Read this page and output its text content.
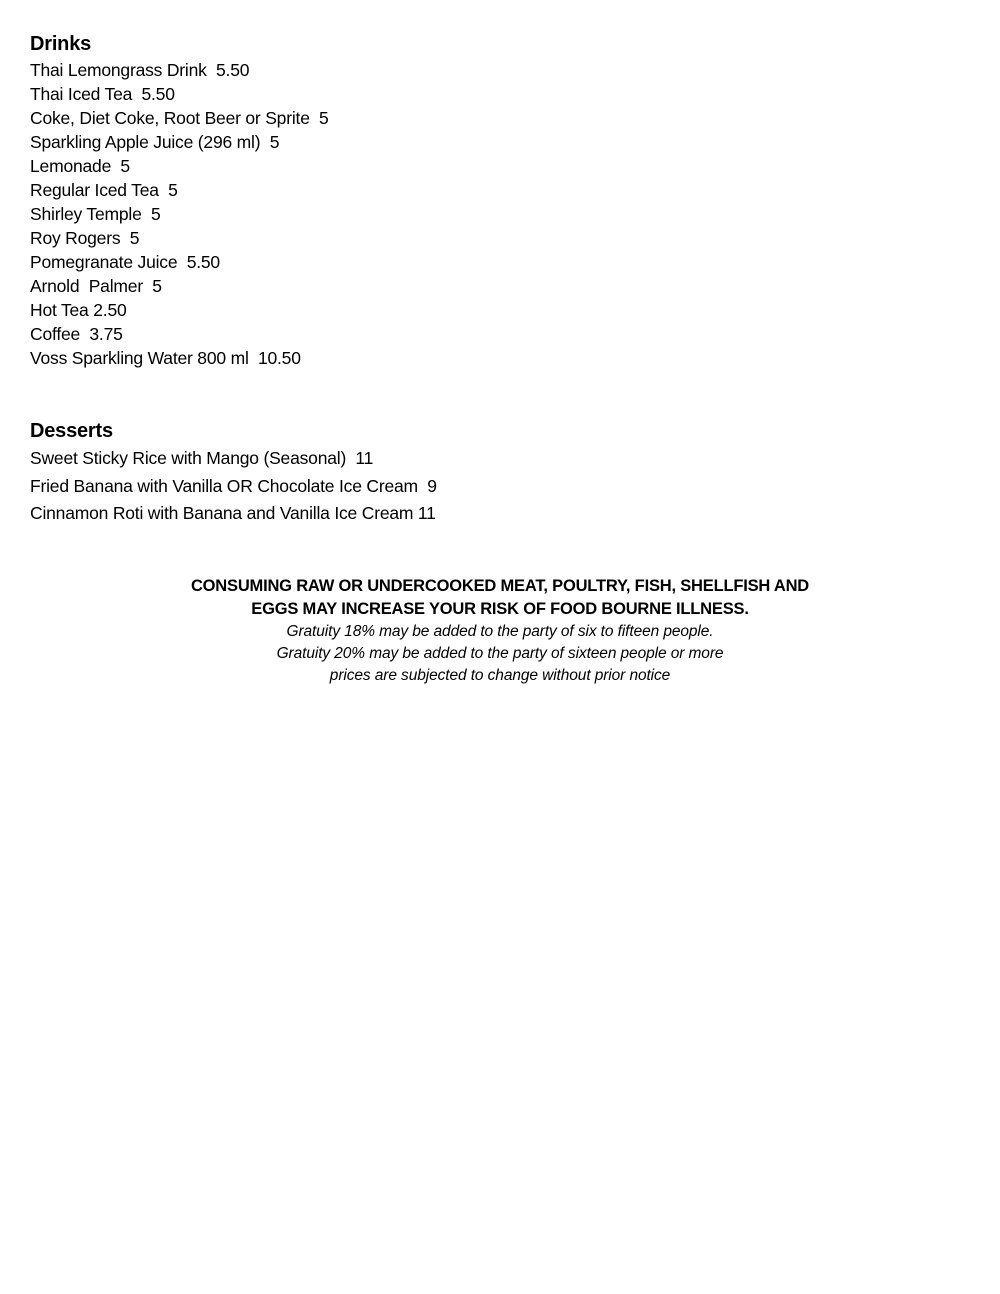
Drinks
Thai Lemongrass Drink  5.50
Thai Iced Tea  5.50
Coke, Diet Coke, Root Beer or Sprite  5
Sparkling Apple Juice (296 ml)  5
Lemonade  5
Regular Iced Tea  5
Shirley Temple  5
Roy Rogers  5
Pomegranate Juice  5.50
Arnold  Palmer  5
Hot Tea 2.50
Coffee  3.75
Voss Sparkling Water 800 ml  10.50
Desserts
Sweet Sticky Rice with Mango (Seasonal)  11
Fried Banana with Vanilla OR Chocolate Ice Cream  9
Cinnamon Roti with Banana and Vanilla Ice Cream 11

CONSUMING RAW OR UNDERCOOKED MEAT, POULTRY, FISH, SHELLFISH AND

EGGS MAY INCREASE YOUR RISK OF FOOD BOURNE ILLNESS.

Gratuity 18% may be added to the party of six to fifteen people.

Gratuity 20% may be added to the party of sixteen people or more

prices are subjected to change without prior notice
